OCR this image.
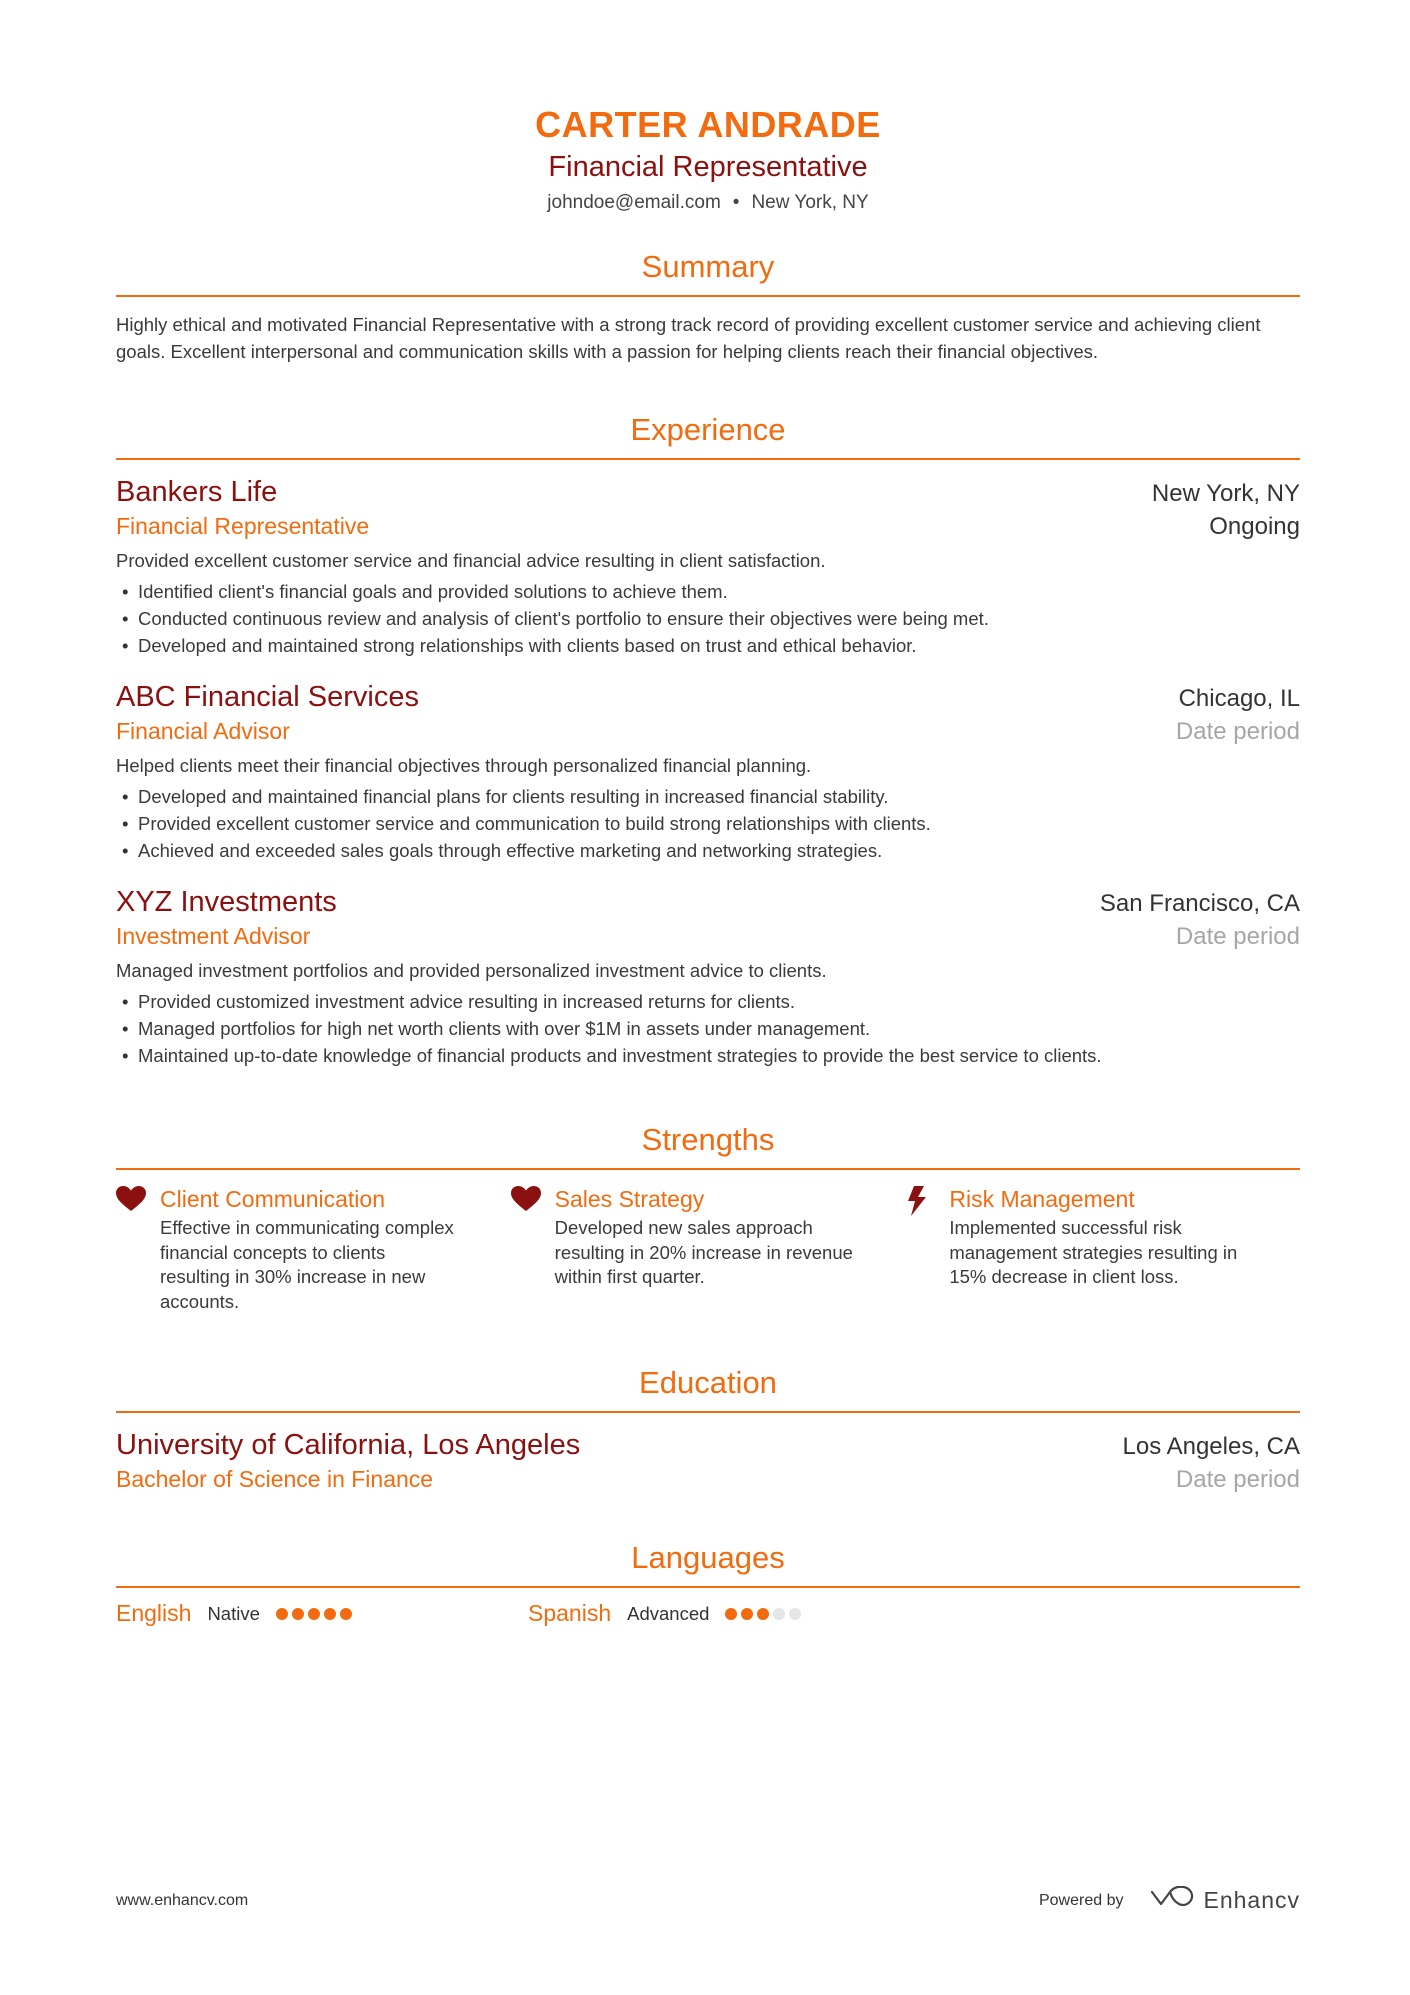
CARTER ANDRADE
Financial Representative
johndoe@email.com • New York, NY
Summary
Highly ethical and motivated Financial Representative with a strong track record of providing excellent customer service and achieving client goals. Excellent interpersonal and communication skills with a passion for helping clients reach their financial objectives.
Experience
Bankers Life	New York, NY
Financial Representative	Ongoing
Provided excellent customer service and financial advice resulting in client satisfaction.
• Identified client's financial goals and provided solutions to achieve them.
• Conducted continuous review and analysis of client's portfolio to ensure their objectives were being met.
• Developed and maintained strong relationships with clients based on trust and ethical behavior.
ABC Financial Services	Chicago, IL
Financial Advisor	Date period
Helped clients meet their financial objectives through personalized financial planning.
• Developed and maintained financial plans for clients resulting in increased financial stability.
• Provided excellent customer service and communication to build strong relationships with clients.
• Achieved and exceeded sales goals through effective marketing and networking strategies.
XYZ Investments	San Francisco, CA
Investment Advisor	Date period
Managed investment portfolios and provided personalized investment advice to clients.
• Provided customized investment advice resulting in increased returns for clients.
• Managed portfolios for high net worth clients with over $1M in assets under management.
• Maintained up-to-date knowledge of financial products and investment strategies to provide the best service to clients.
Strengths
Client Communication
Effective in communicating complex financial concepts to clients resulting in 30% increase in new accounts.
Sales Strategy
Developed new sales approach resulting in 20% increase in revenue within first quarter.
Risk Management
Implemented successful risk management strategies resulting in 15% decrease in client loss.
Education
University of California, Los Angeles	Los Angeles, CA
Bachelor of Science in Finance	Date period
Languages
English Native	Spanish Advanced
www.enhancv.com	Powered by	Enhancv
